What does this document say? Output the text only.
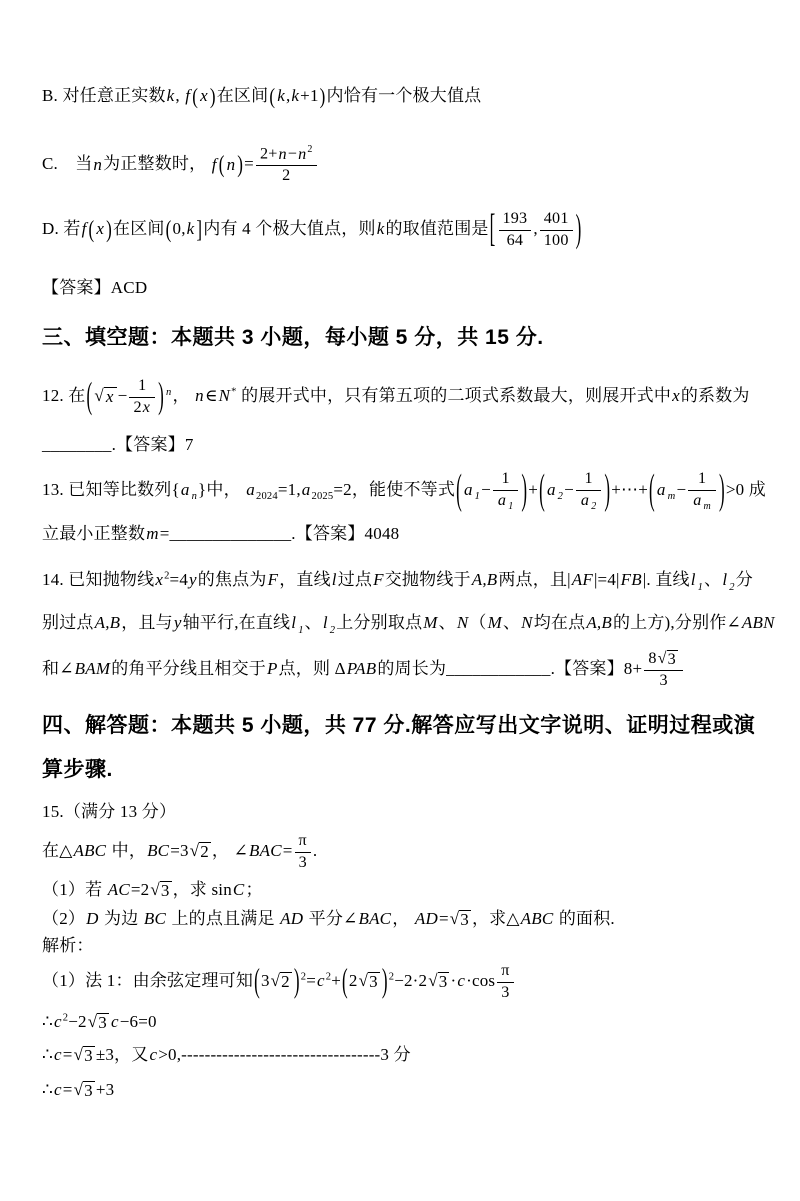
B. 对任意正实数k, f ( x )在区间( k,k+1)内恰有一个极大值点
C. 当n为正整数时， f ( n )= $\frac{2+n-n^2}{2}$
D. 若f ( x )在区间(0,k ]内有 4 个极大值点，则k的取值范围是[ $\frac{193}{64}$ , $\frac{401}{100}$ )
【答案】ACD
三、填空题：本题共 3 小题，每小题 5 分，共 15 分.
12. 在( √ $x - \frac{1}{2x}$ ) $^n$， n∈N* 的展开式中，只有第五项的二项式系数最大，则展开式中x的系数为
________.【答案】7
13. 已知等比数列{a $_n$}中， $a_{2024}=1,a_{2025}=2$，能使不等式( a $_1- \frac{1}{a _1}$ )+( a $_2- \frac{1}{a _2}$ )+⋯+( a $_m- \frac{1}{a _m} )>0$ 成
立最小正整数m=______________.【答案】4048
14. 已知抛物线$x^2=4y$的焦点为F，直线l过点F交抛物线于A,B两点，且|AF|=4|FB|. 直线l $_1$、l $_2$分
别过点A,B，且与y轴平行,在直线l $_1$、l $_2$上分别取点M、N（M、N均在点A,B的上方),分别作∠ABN
和∠BAM的角平分线且相交于P点，则 ΔPAB的周长为____________.【答案】$8+ \frac{8 √ 3}{3}$
四、解答题：本题共 5 小题，共 77 分.解答应写出文字说明、证明过程或演
算步骤.
15.（满分 13 分）
在△ABC 中，BC=3 √ 2 ， ∠BAC= $\frac{\pi}{3}$ .
（1）若 AC=2 √ 3 ，求 sinC；
（2）D 为边 BC 上的点且满足 AD 平分∠BAC， AD= √ 3 ，求△ABC 的面积.
解析：
（1）法 1：由余弦定理可知(3 √ 2 )$^2=c^2+(2$ √ 3 )$^2$−2·2 √ $3 \cdot c\cdot\cos \frac{\pi}{3}$
$\therefore c^2-2$ √ 3 c−6=0
∴c= √ 3 ±3，又c>0,----------------------------------3 分
∴c= √ 3 +3
